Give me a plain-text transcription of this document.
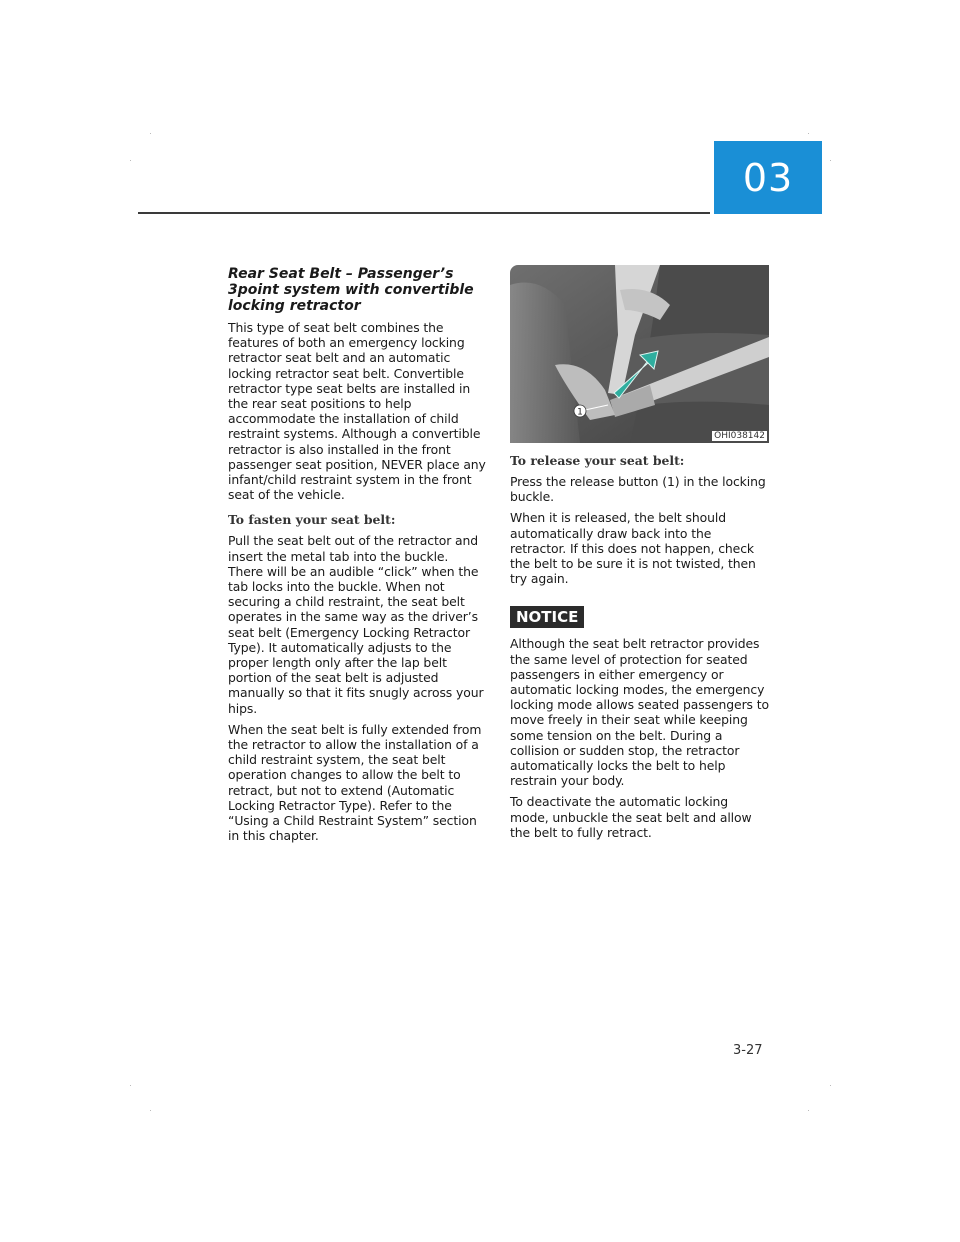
03
Rear Seat Belt – Passenger’s 3point system with convertible locking retractor

This type of seat belt combines the features of both an emergency locking retractor seat belt and an automatic locking retractor seat belt. Convertible retractor type seat belts are installed in the rear seat positions to help accommodate the installation of child restraint systems. Although a convertible retractor is also installed in the front passenger seat position, NEVER place any infant/child restraint system in the front seat of the vehicle.

To fasten your seat belt:

Pull the seat belt out of the retractor and insert the metal tab into the buckle. There will be an audible “click” when the tab locks into the buckle. When not securing a child restraint, the seat belt operates in the same way as the driver’s seat belt (Emergency Locking Retractor Type). It automatically adjusts to the proper length only after the lap belt portion of the seat belt is adjusted manually so that it fits snugly across your hips.

When the seat belt is fully extended from the retractor to allow the installation of a child restraint system, the seat belt operation changes to allow the belt to retract, but not to extend (Automatic Locking Retractor Type). Refer to the “Using a Child Restraint System” section in this chapter.

1
OHI038142
To release your seat belt:

Press the release button (1) in the locking buckle.

When it is released, the belt should automatically draw back into the retractor. If this does not happen, check the belt to be sure it is not twisted, then try again.

NOTICE

Although the seat belt retractor provides the same level of protection for seated passengers in either emergency or automatic locking modes, the emergency locking mode allows seated passengers to move freely in their seat while keeping some tension on the belt. During a collision or sudden stop, the retractor automatically locks the belt to help restrain your body.

To deactivate the automatic locking mode, unbuckle the seat belt and allow the belt to fully retract.

3-27
